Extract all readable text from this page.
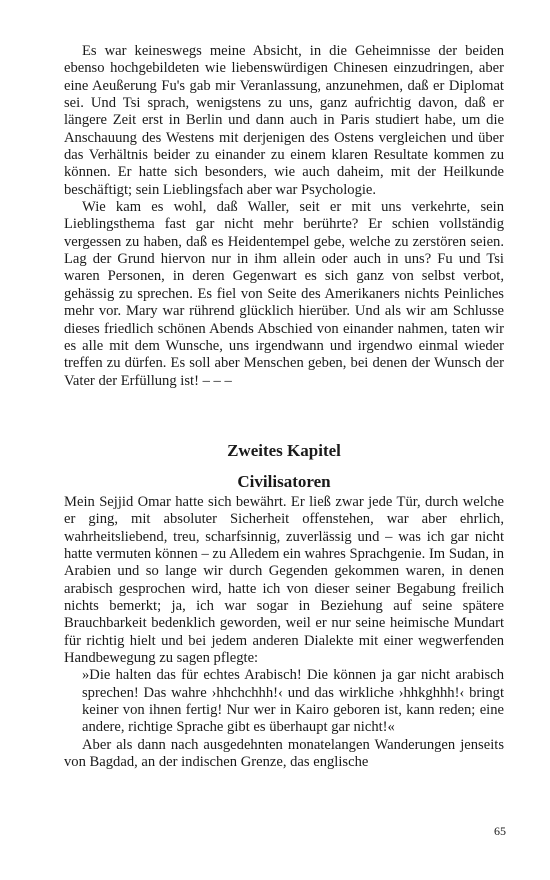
Es war keineswegs meine Absicht, in die Geheimnisse der beiden ebenso hochgebildeten wie liebenswürdigen Chinesen einzudringen, aber eine Aeußerung Fu's gab mir Veranlassung, anzunehmen, daß er Diplomat sei. Und Tsi sprach, wenigstens zu uns, ganz aufrichtig davon, daß er längere Zeit erst in Berlin und dann auch in Paris studiert habe, um die Anschauung des Westens mit derjenigen des Ostens vergleichen und über das Verhältnis beider zu einander zu einem klaren Resultate kommen zu können. Er hatte sich besonders, wie auch daheim, mit der Heilkunde beschäftigt; sein Lieblingsfach aber war Psychologie.

Wie kam es wohl, daß Waller, seit er mit uns verkehrte, sein Lieblingsthema fast gar nicht mehr berührte? Er schien vollständig vergessen zu haben, daß es Heidentempel gebe, welche zu zerstören seien. Lag der Grund hiervon nur in ihm allein oder auch in uns? Fu und Tsi waren Personen, in deren Gegenwart es sich ganz von selbst verbot, gehässig zu sprechen. Es fiel von Seite des Amerikaners nichts Peinliches mehr vor. Mary war rührend glücklich hierüber. Und als wir am Schlusse dieses friedlich schönen Abends Abschied von einander nahmen, taten wir es alle mit dem Wunsche, uns irgendwann und irgendwo einmal wieder treffen zu dürfen. Es soll aber Menschen geben, bei denen der Wunsch der Vater der Erfüllung ist! – – –

Zweites Kapitel
Civilisatoren

Mein Sejjid Omar hatte sich bewährt. Er ließ zwar jede Tür, durch welche er ging, mit absoluter Sicherheit offenstehen, war aber ehrlich, wahrheitsliebend, treu, scharfsinnig, zuverlässig und – was ich gar nicht hatte vermuten können – zu Alledem ein wahres Sprachgenie. Im Sudan, in Arabien und so lange wir durch Gegenden gekommen waren, in denen arabisch gesprochen wird, hatte ich von dieser seiner Begabung freilich nichts bemerkt; ja, ich war sogar in Beziehung auf seine spätere Brauchbarkeit bedenklich geworden, weil er nur seine heimische Mundart für richtig hielt und bei jedem anderen Dialekte mit einer wegwerfenden Handbewegung zu sagen pflegte:

»Die halten das für echtes Arabisch! Die können ja gar nicht arabisch sprechen! Das wahre ›hhchchhh!‹ und das wirkliche ›hhkghhh!‹ bringt keiner von ihnen fertig! Nur wer in Kairo geboren ist, kann reden; eine andere, richtige Sprache gibt es überhaupt gar nicht!«

Aber als dann nach ausgedehnten monatelangen Wanderungen jenseits von Bagdad, an der indischen Grenze, das englische

65
